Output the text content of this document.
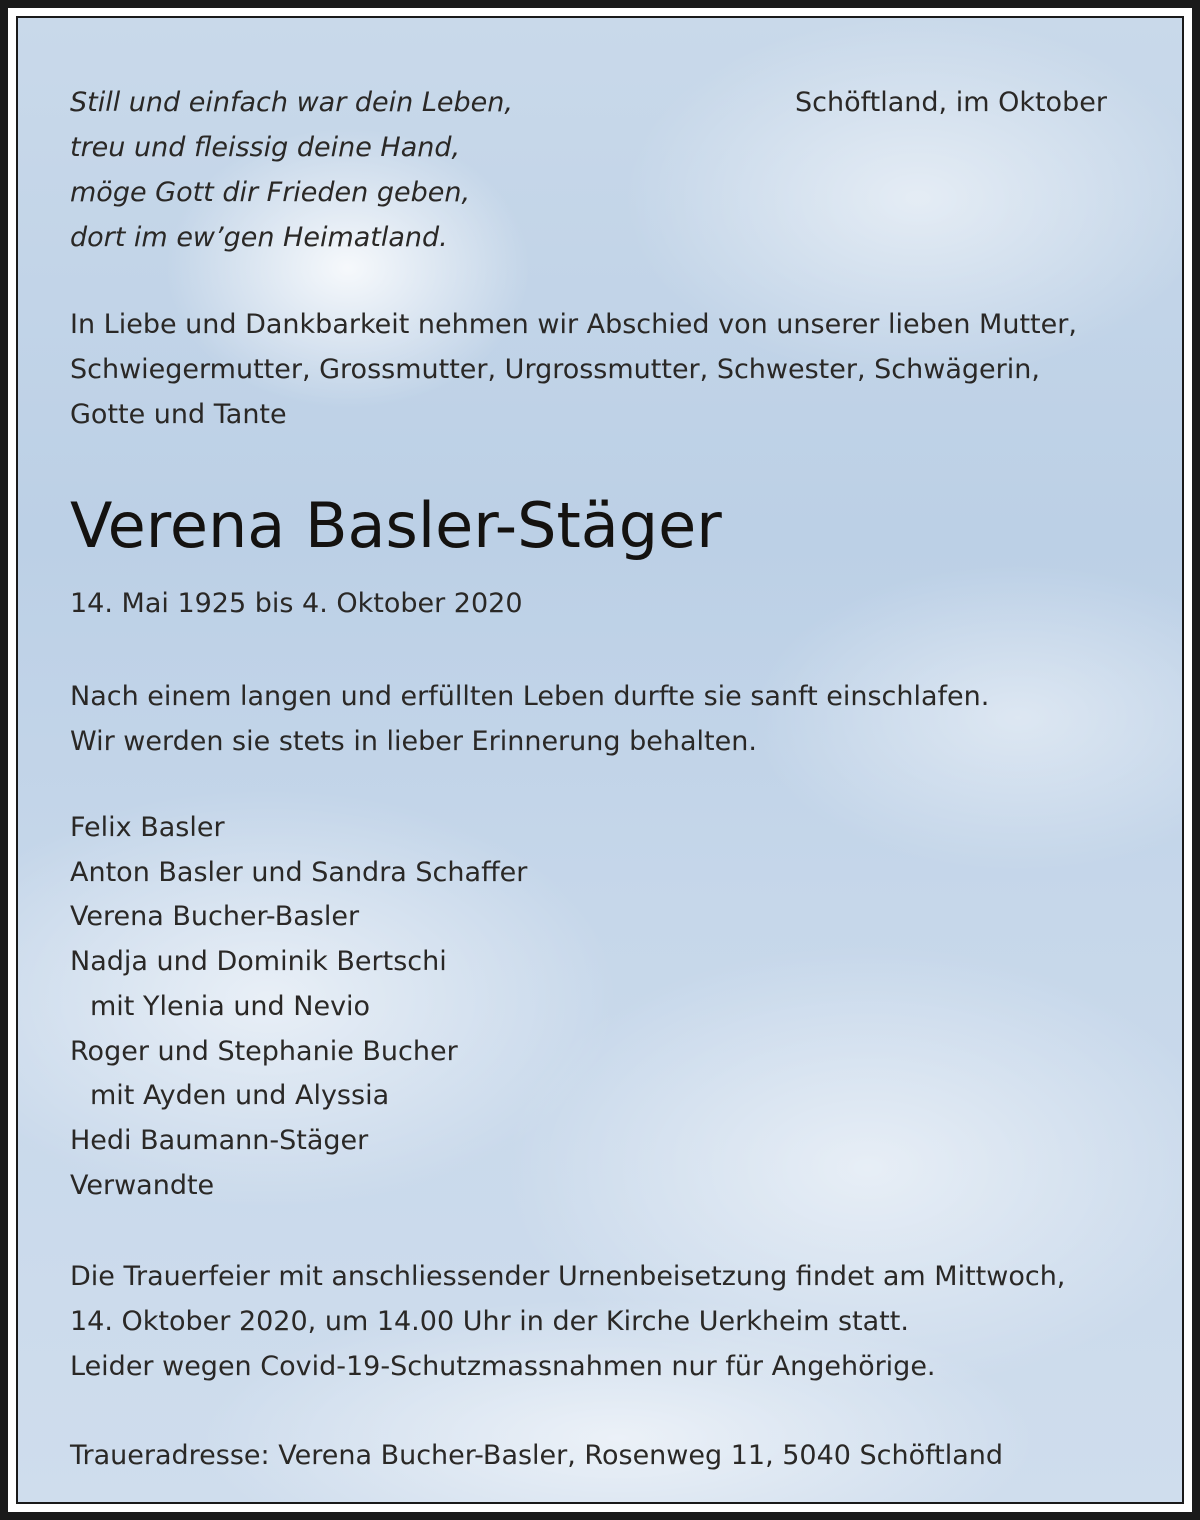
Still und einfach war dein Leben,
treu und fleissig deine Hand,
möge Gott dir Frieden geben,
dort im ew’gen Heimatland.
Schöftland, im Oktober
In Liebe und Dankbarkeit nehmen wir Abschied von unserer lieben Mutter,
Schwiegermutter, Grossmutter, Urgrossmutter, Schwester, Schwägerin,
Gotte und Tante
Verena Basler-Stäger
14. Mai 1925 bis 4. Oktober 2020
Nach einem langen und erfüllten Leben durfte sie sanft einschlafen.
Wir werden sie stets in lieber Erinnerung behalten.
Felix Basler
Anton Basler und Sandra Schaffer
Verena Bucher-Basler
Nadja und Dominik Bertschi
mit Ylenia und Nevio
Roger und Stephanie Bucher
mit Ayden und Alyssia
Hedi Baumann-Stäger
Verwandte
Die Trauerfeier mit anschliessender Urnenbeisetzung findet am Mittwoch,
14. Oktober 2020, um 14.00 Uhr in der Kirche Uerkheim statt.
Leider wegen Covid-19-Schutzmassnahmen nur für Angehörige.
Traueradresse: Verena Bucher-Basler, Rosenweg 11, 5040 Schöftland
